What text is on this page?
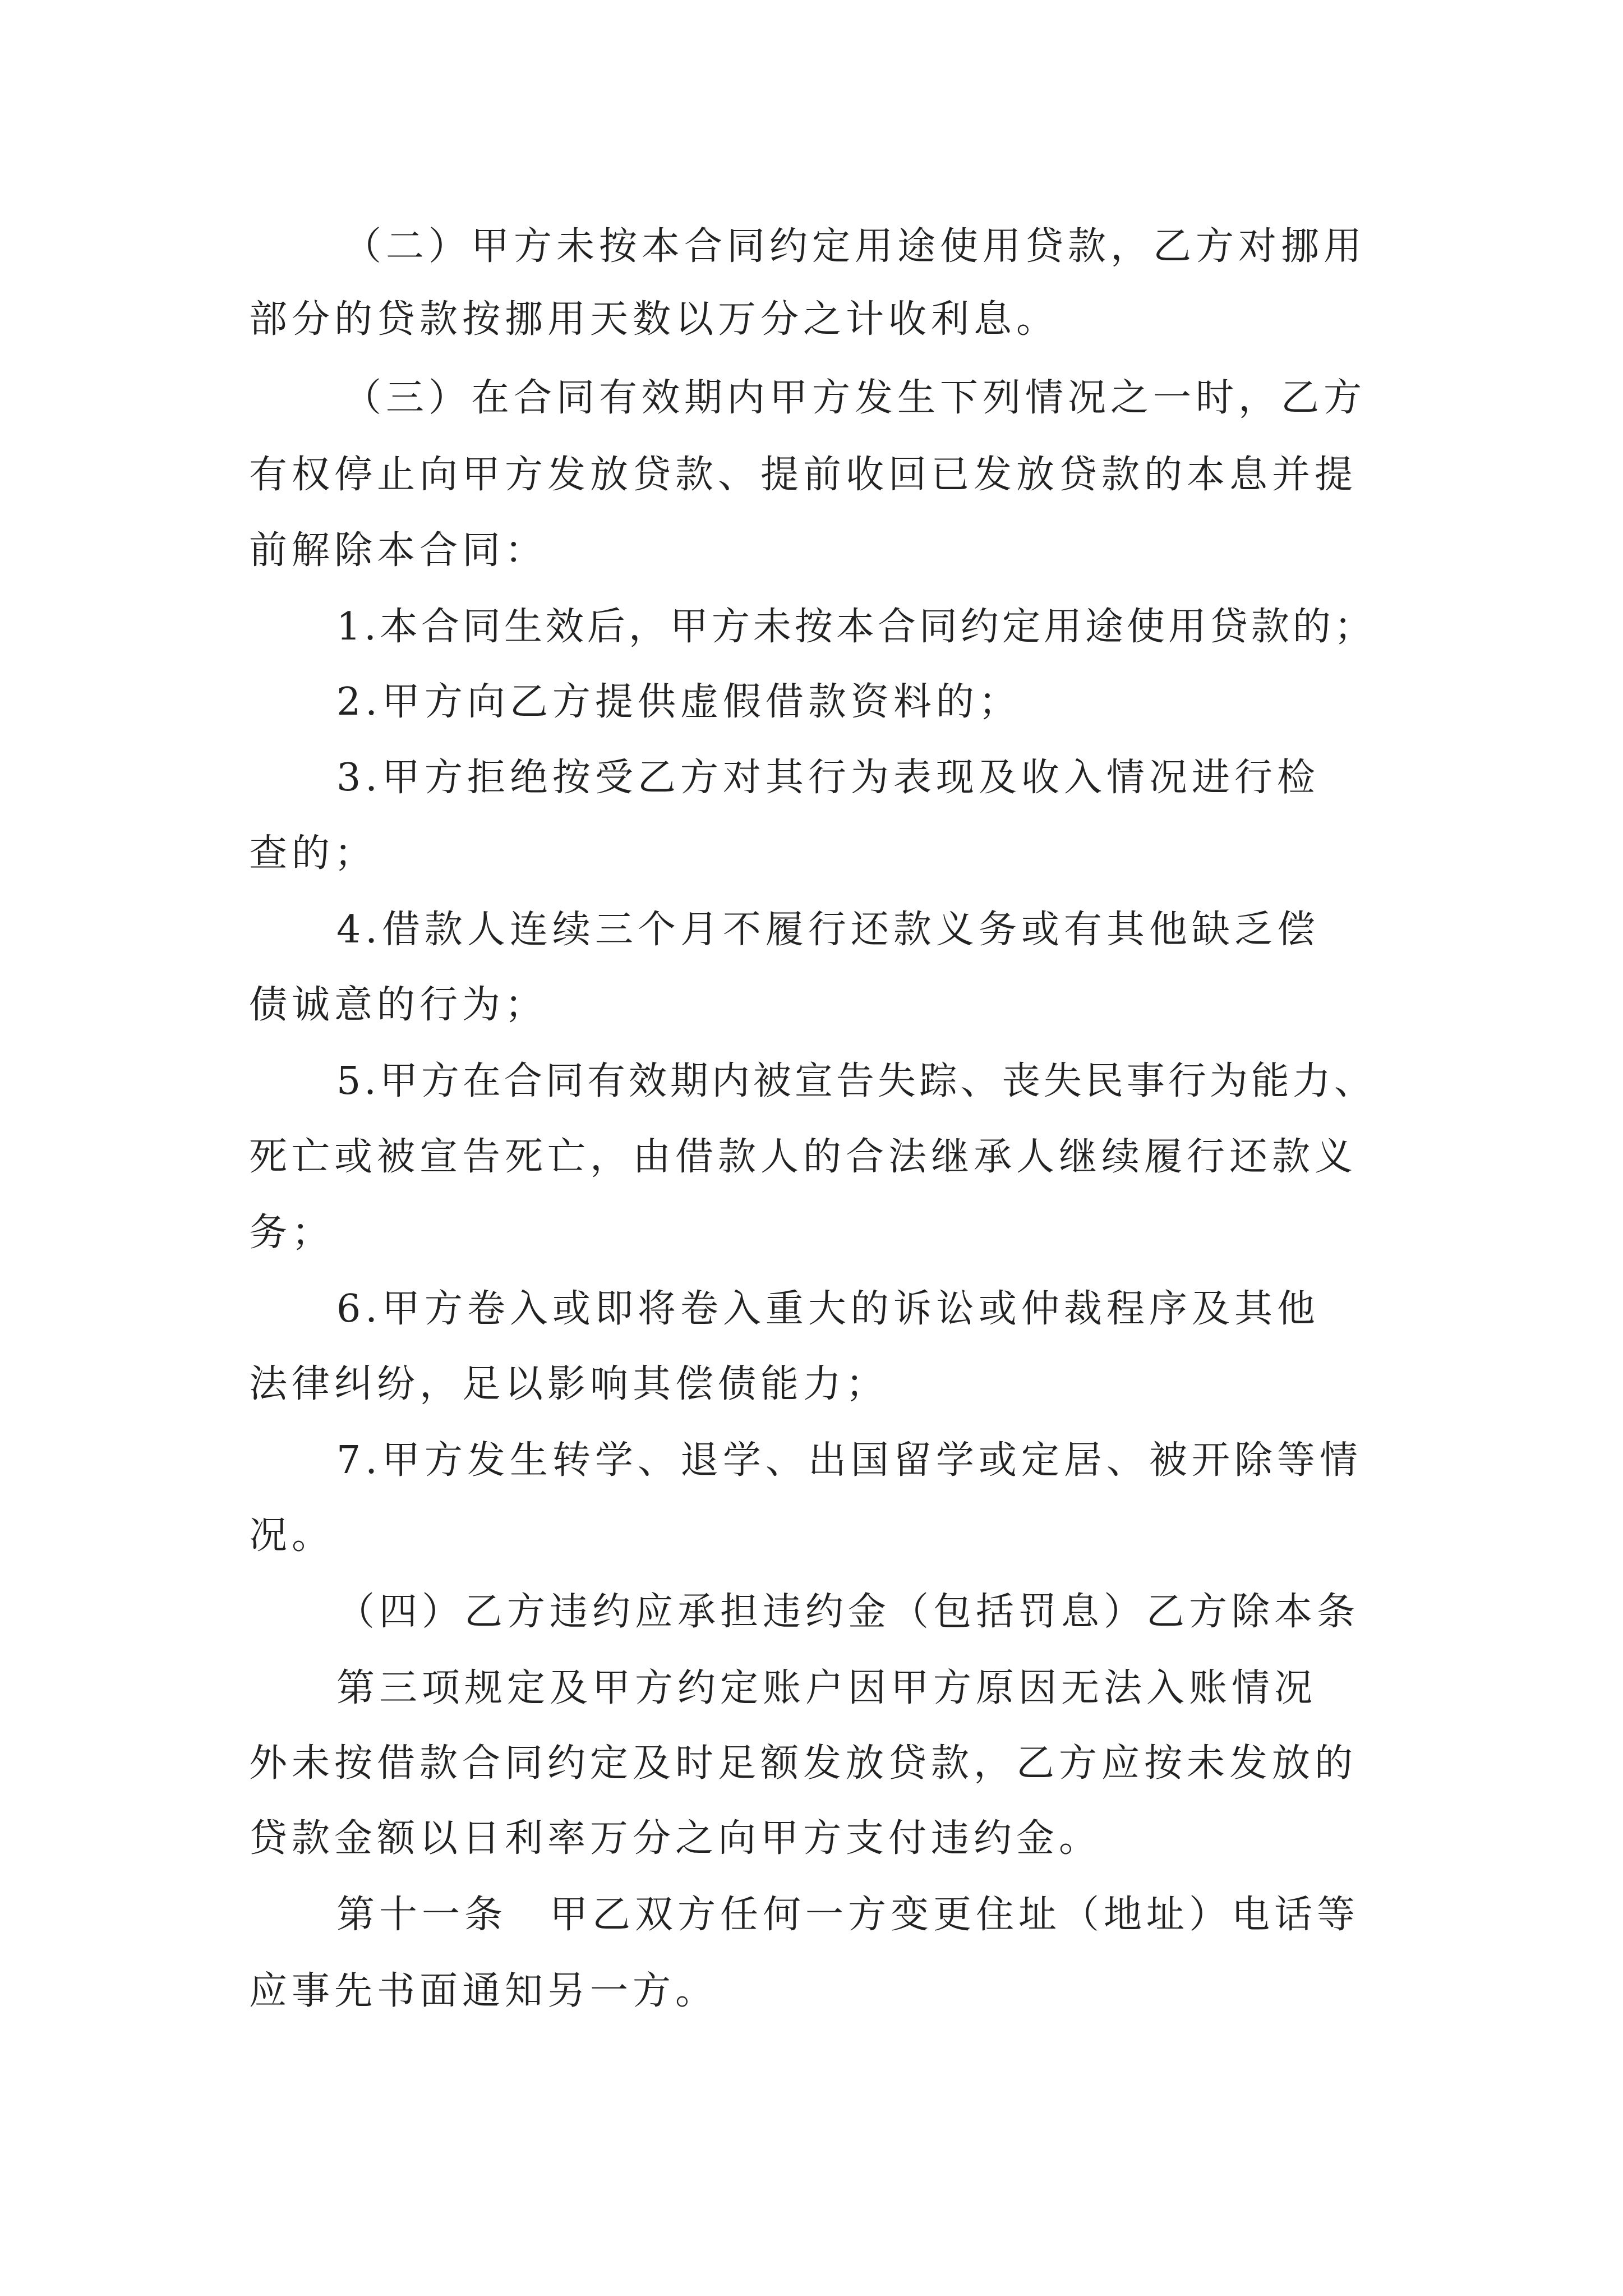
（二）甲方未按本合同约定用途使用贷款，乙方对挪用
部分的贷款按挪用天数以万分之计收利息。
（三）在合同有效期内甲方发生下列情况之一时，乙方
有权停止向甲方发放贷款、提前收回已发放贷款的本息并提
前解除本合同：
1.本合同生效后，甲方未按本合同约定用途使用贷款的；
2.甲方向乙方提供虚假借款资料的；
3.甲方拒绝按受乙方对其行为表现及收入情况进行检
查的；
4.借款人连续三个月不履行还款义务或有其他缺乏偿
债诚意的行为；
5.甲方在合同有效期内被宣告失踪、丧失民事行为能力、
死亡或被宣告死亡，由借款人的合法继承人继续履行还款义
务；
6.甲方卷入或即将卷入重大的诉讼或仲裁程序及其他
法律纠纷，足以影响其偿债能力；
7.甲方发生转学、退学、出国留学或定居、被开除等情
况。
（四）乙方违约应承担违约金（包括罚息）乙方除本条
第三项规定及甲方约定账户因甲方原因无法入账情况
外未按借款合同约定及时足额发放贷款，乙方应按未发放的
贷款金额以日利率万分之向甲方支付违约金。
第十一条　甲乙双方任何一方变更住址（地址）电话等
应事先书面通知另一方。
